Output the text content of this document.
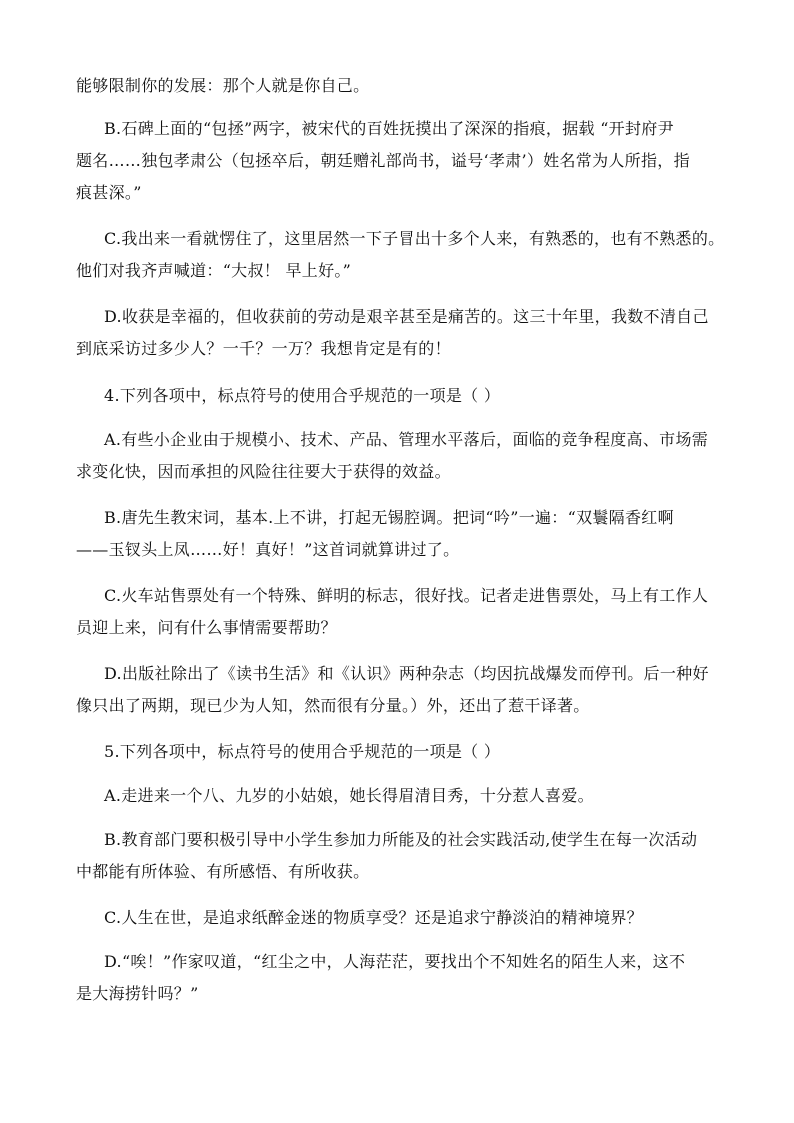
能够限制你的发展：那个人就是你自己。

B.石碑上面的“包拯”两字，被宋代的百姓抚摸出了深深的指痕，据载 “开封府尹
题名……独包孝肃公（包拯卒后，朝廷赠礼部尚书，谥号‘孝肃’）姓名常为人所指，指
痕甚深。”

C.我出来一看就愣住了，这里居然一下子冒出十多个人来，有熟悉的，也有不熟悉的。
他们对我齐声喊道：“大叔！ 早上好。”

D.收获是幸福的，但收获前的劳动是艰辛甚至是痛苦的。这三十年里，我数不清自己
到底采访过多少人？一千？一万？我想肯定是有的！

4.下列各项中，标点符号的使用合乎规范的一项是（ ）

A.有些小企业由于规模小、技术、产品、管理水平落后，面临的竞争程度高、市场需
求变化快，因而承担的风险往往要大于获得的效益。

B.唐先生教宋词，基本.上不讲，打起无锡腔调。把词“吟”一遍：“双鬟隔香红啊
——玉钗头上凤……好！真好！”这首词就算讲过了。

C.火车站售票处有一个特殊、鲜明的标志，很好找。记者走进售票处，马上有工作人
员迎上来，问有什么事情需要帮助？

D.出版社除出了《读书生活》和《认识》两种杂志（均因抗战爆发而停刊。后一种好
像只出了两期，现已少为人知，然而很有分量。）外，还出了惹干译著。

5.下列各项中，标点符号的使用合乎规范的一项是（ ）

A.走进来一个八、九岁的小姑娘，她长得眉清目秀，十分惹人喜爱。

B.教育部门要积极引导中小学生参加力所能及的社会实践活动,使学生在每一次活动
中都能有所体验、有所感悟、有所收获。

C.人生在世，是追求纸醉金迷的物质享受？还是追求宁静淡泊的精神境界？

D.“唉！”作家叹道，“红尘之中，人海茫茫，要找出个不知姓名的陌生人来，这不
是大海捞针吗？”
